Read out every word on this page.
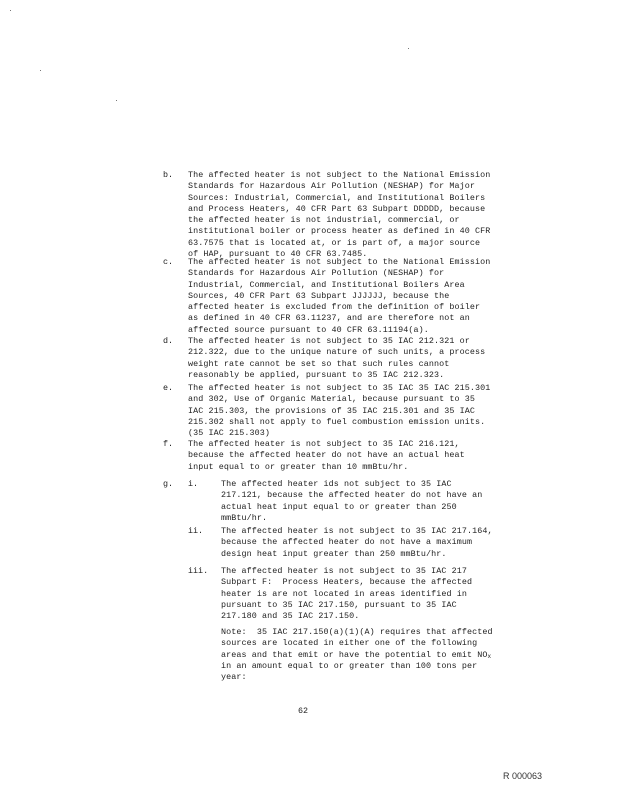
b. The affected heater is not subject to the National Emission

Standards for Hazardous Air Pollution (NESHAP) for Major

Sources: Industrial, Commercial, and Institutional Boilers

and Process Heaters, 40 CFR Part 63 Subpart DDDDD, because

the affected heater is not industrial, commercial, or

institutional boiler or process heater as defined in 40 CFR

63.7575 that is located at, or is part of, a major source

of HAP, pursuant to 40 CFR 63.7485.

c. The affected heater is not subject to the National Emission

Standards for Hazardous Air Pollution (NESHAP) for

Industrial, Commercial, and Institutional Boilers Area

Sources, 40 CFR Part 63 Subpart JJJJJJ, because the

affected heater is excluded from the definition of boiler

as defined in 40 CFR 63.11237, and are therefore not an

affected source pursuant to 40 CFR 63.11194(a).

d. The affected heater is not subject to 35 IAC 212.321 or

212.322, due to the unique nature of such units, a process

weight rate cannot be set so that such rules cannot

reasonably be applied, pursuant to 35 IAC 212.323.

e. The affected heater is not subject to 35 IAC 35 IAC 215.301

and 302, Use of Organic Material, because pursuant to 35

IAC 215.303, the provisions of 35 IAC 215.301 and 35 IAC

215.302 shall not apply to fuel combustion emission units.

(35 IAC 215.303)

f. The affected heater is not subject to 35 IAC 216.121,

because the affected heater do not have an actual heat

input equal to or greater than 10 mmBtu/hr.

g. i.	The affected heater ids not subject to 35 IAC

217.121, because the affected heater do not have an

actual heat input equal to or greater than 250

mmBtu/hr.

ii. The affected heater is not subject to 35 IAC 217.164,

because the affected heater do not have a maximum

design heat input greater than 250 mmBtu/hr.

iii. The affected heater is not subject to 35 IAC 217

Subpart F:  Process Heaters, because the affected

heater is are not located in areas identified in

pursuant to 35 IAC 217.150, pursuant to 35 IAC

217.180 and 35 IAC 217.150.

Note:  35 IAC 217.150(a)(1)(A) requires that affected

sources are located in either one of the following

areas and that emit or have the potential to emit $NO_x$

in an amount equal to or greater than 100 tons per

year:

62
R 000063
